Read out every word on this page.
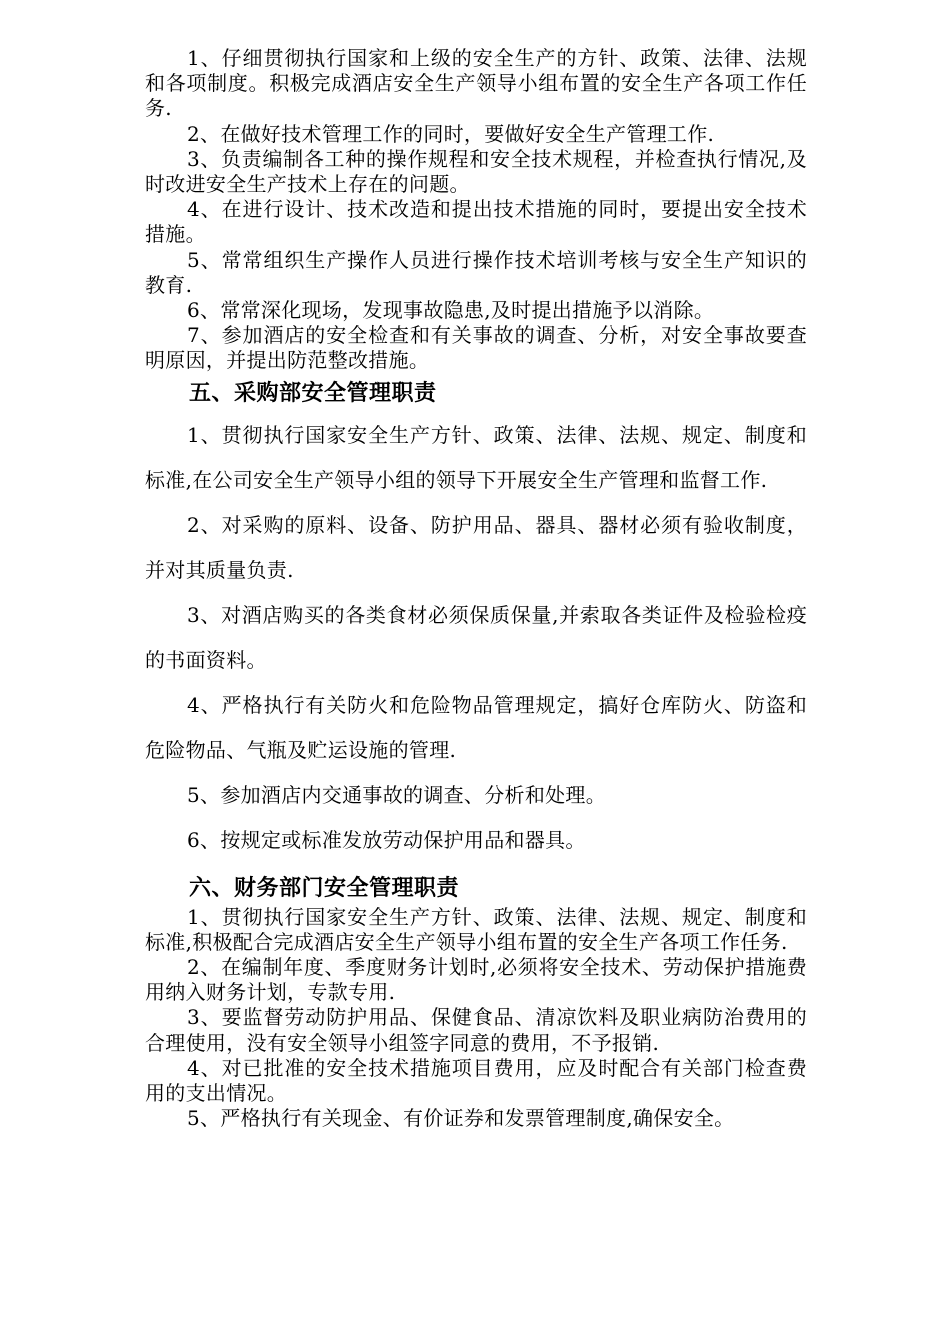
1、仔细贯彻执行国家和上级的安全生产的方针、政策、法律、法规和各项制度。积极完成酒店安全生产领导小组布置的安全生产各项工作任务.

2、在做好技术管理工作的同时，要做好安全生产管理工作.

3、负责编制各工种的操作规程和安全技术规程，并检查执行情况,及时改进安全生产技术上存在的问题。

4、在进行设计、技术改造和提出技术措施的同时，要提出安全技术措施。

5、常常组织生产操作人员进行操作技术培训考核与安全生产知识的教育.

6、常常深化现场，发现事故隐患,及时提出措施予以消除。

7、参加酒店的安全检查和有关事故的调查、分析，对安全事故要查明原因，并提出防范整改措施。

五、采购部安全管理职责

1、贯彻执行国家安全生产方针、政策、法律、法规、规定、制度和标准,在公司安全生产领导小组的领导下开展安全生产管理和监督工作.

2、对采购的原料、设备、防护用品、器具、器材必须有验收制度，并对其质量负责.

3、对酒店购买的各类食材必须保质保量,并索取各类证件及检验检疫的书面资料。

4、严格执行有关防火和危险物品管理规定，搞好仓库防火、防盗和危险物品、气瓶及贮运设施的管理.

5、参加酒店内交通事故的调查、分析和处理。

6、按规定或标准发放劳动保护用品和器具。

六、财务部门安全管理职责

1、贯彻执行国家安全生产方针、政策、法律、法规、规定、制度和标准,积极配合完成酒店安全生产领导小组布置的安全生产各项工作任务.

2、在编制年度、季度财务计划时,必须将安全技术、劳动保护措施费用纳入财务计划，专款专用.

3、要监督劳动防护用品、保健食品、清凉饮料及职业病防治费用的合理使用，没有安全领导小组签字同意的费用，不予报销.

4、对已批准的安全技术措施项目费用，应及时配合有关部门检查费用的支出情况。

5、严格执行有关现金、有价证券和发票管理制度,确保安全。
